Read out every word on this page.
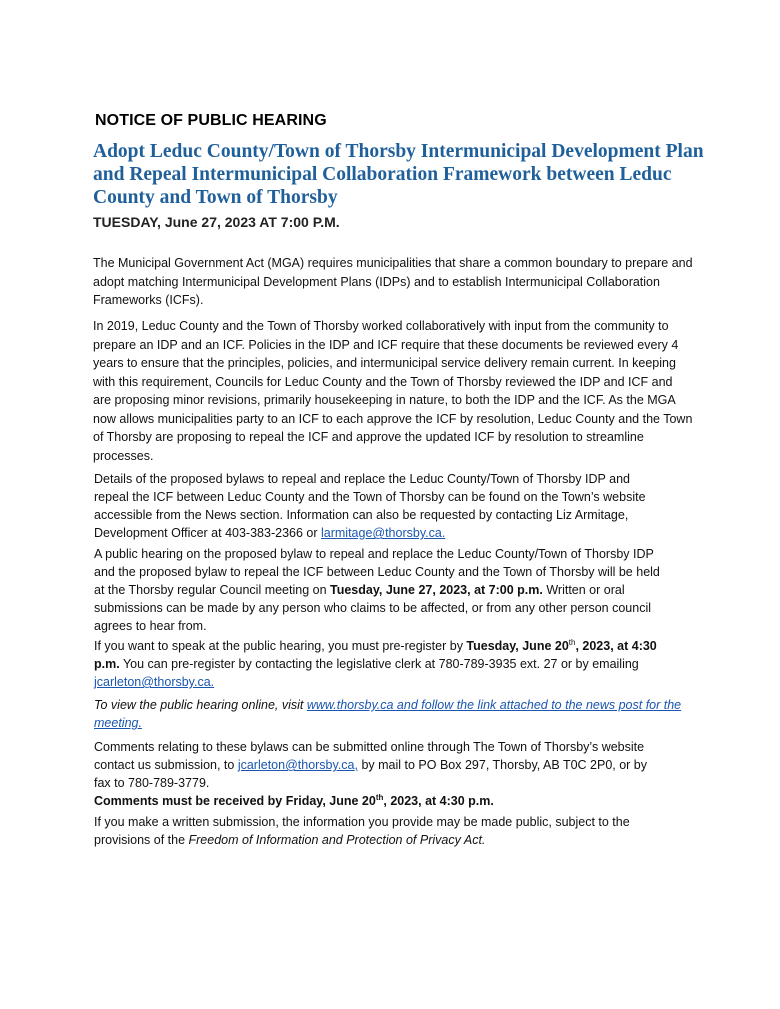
NOTICE OF PUBLIC HEARING
Adopt Leduc County/Town of Thorsby Intermunicipal Development Plan and Repeal Intermunicipal Collaboration Framework between Leduc County and Town of Thorsby
TUESDAY, June 27, 2023 AT 7:00 P.M.

The Municipal Government Act (MGA) requires municipalities that share a common boundary to prepare and adopt matching Intermunicipal Development Plans (IDPs) and to establish Intermunicipal Collaboration Frameworks (ICFs).

In 2019, Leduc County and the Town of Thorsby worked collaboratively with input from the community to prepare an IDP and an ICF. Policies in the IDP and ICF require that these documents be reviewed every 4 years to ensure that the principles, policies, and intermunicipal service delivery remain current. In keeping with this requirement, Councils for Leduc County and the Town of Thorsby reviewed the IDP and ICF and are proposing minor revisions, primarily housekeeping in nature, to both the IDP and the ICF. As the MGA now allows municipalities party to an ICF to each approve the ICF by resolution, Leduc County and the Town of Thorsby are proposing to repeal the ICF and approve the updated ICF by resolution to streamline processes.

Details of the proposed bylaws to repeal and replace the Leduc County/Town of Thorsby IDP and repeal the ICF between Leduc County and the Town of Thorsby can be found on the Town’s website accessible from the News section. Information can also be requested by contacting Liz Armitage, Development Officer at 403-383-2366 or larmitage@thorsby.ca.

A public hearing on the proposed bylaw to repeal and replace the Leduc County/Town of Thorsby IDP and the proposed bylaw to repeal the ICF between Leduc County and the Town of Thorsby will be held at the Thorsby regular Council meeting on Tuesday, June 27, 2023, at 7:00 p.m. Written or oral submissions can be made by any person who claims to be affected, or from any other person council agrees to hear from.

If you want to speak at the public hearing, you must pre-register by Tuesday, June 20th, 2023, at 4:30 p.m. You can pre-register by contacting the legislative clerk at 780-789-3935 ext. 27 or by emailing jcarleton@thorsby.ca.

To view the public hearing online, visit www.thorsby.ca and follow the link attached to the news post for the meeting.

Comments relating to these bylaws can be submitted online through The Town of Thorsby’s website contact us submission, to jcarleton@thorsby.ca, by mail to PO Box 297, Thorsby, AB T0C 2P0, or by fax to 780-789-3779.

Comments must be received by Friday, June 20th, 2023, at 4:30 p.m.

If you make a written submission, the information you provide may be made public, subject to the provisions of the Freedom of Information and Protection of Privacy Act.
